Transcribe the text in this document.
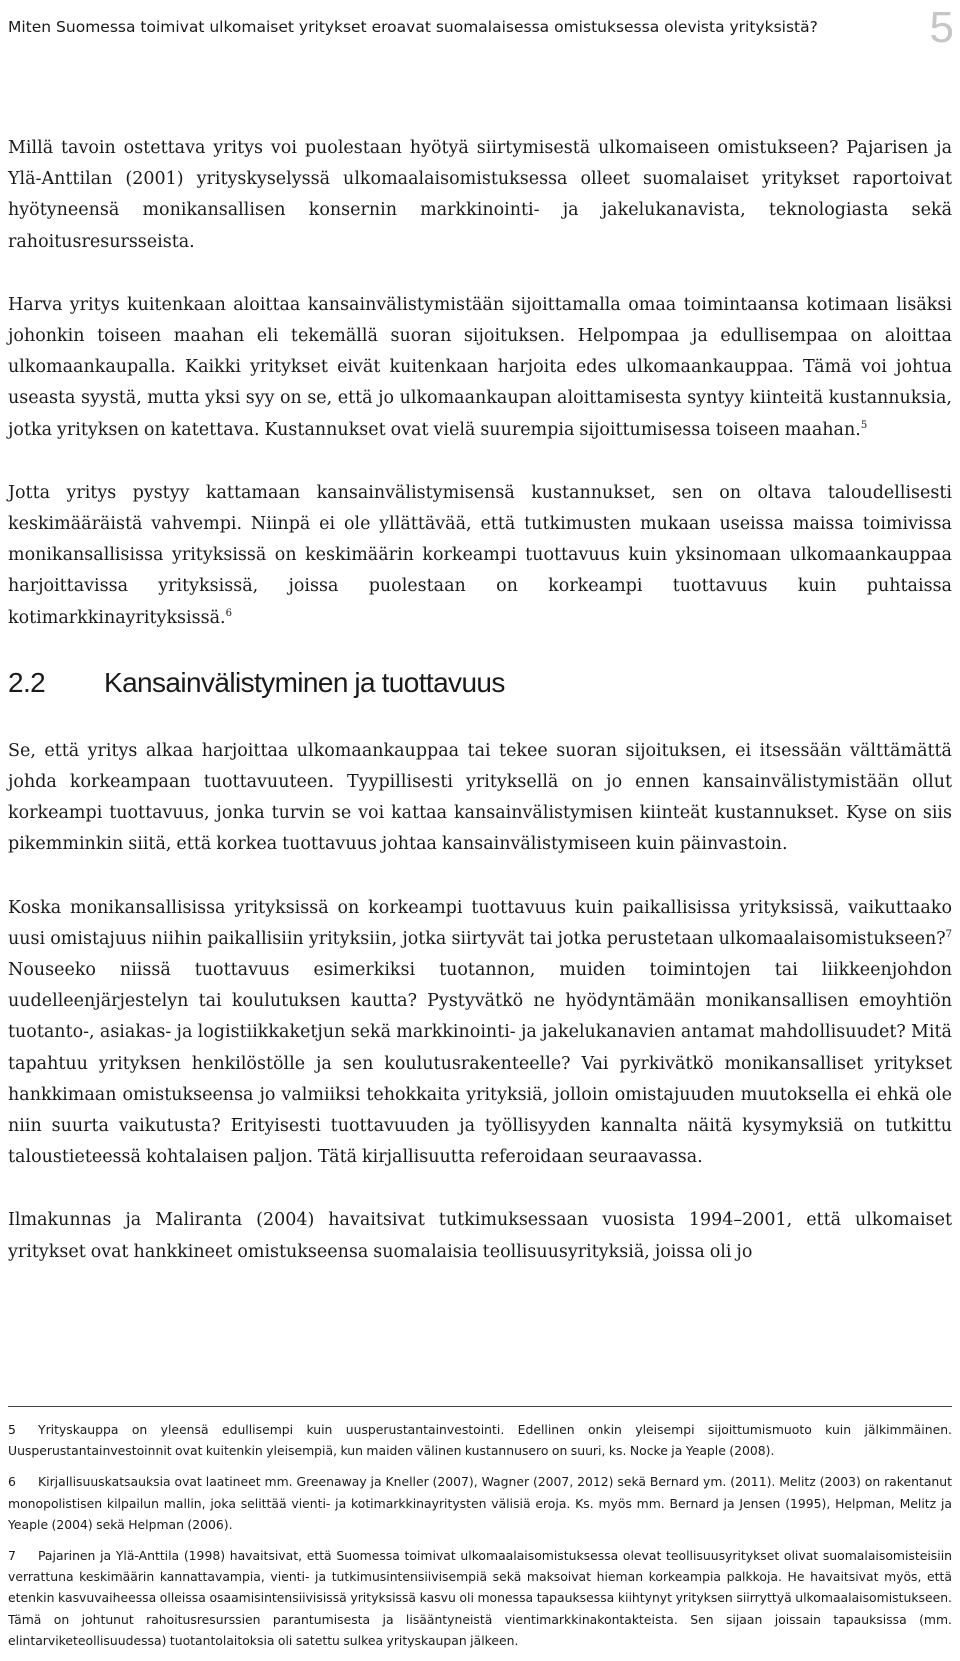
Miten Suomessa toimivat ulkomaiset yritykset eroavat suomalaisessa omistuksessa olevista yrityksistä?	5

Millä tavoin ostettava yritys voi puolestaan hyötyä siirtymisestä ulkomaiseen omistukseen? Pajarisen ja Ylä-Anttilan (2001) yrityskyselyssä ulkomaalaisomistuksessa olleet suomalaiset yritykset raportoivat hyötyneensä monikansallisen konsernin markkinointi- ja jakelukanavista, teknologiasta sekä rahoitusresursseista.

Harva yritys kuitenkaan aloittaa kansainvälistymistään sijoittamalla omaa toimintaansa kotimaan lisäksi johonkin toiseen maahan eli tekemällä suoran sijoituksen. Helpompaa ja edullisempaa on aloittaa ulkomaankaupalla. Kaikki yritykset eivät kuitenkaan harjoita edes ulkomaankauppaa. Tämä voi johtua useasta syystä, mutta yksi syy on se, että jo ulkomaankaupan aloittamisesta syntyy kiinteitä kustannuksia, jotka yrityksen on katettava. Kustannukset ovat vielä suurempia sijoittumisessa toiseen maahan.$^5$

Jotta yritys pystyy kattamaan kansainvälistymisensä kustannukset, sen on oltava taloudellisesti keskimääräistä vahvempi. Niinpä ei ole yllättävää, että tutkimusten mukaan useissa maissa toimivissa monikansallisissa yrityksissä on keskimäärin korkeampi tuottavuus kuin yksinomaan ulkomaankauppaa harjoittavissa yrityksissä, joissa puolestaan on korkeampi tuottavuus kuin puhtaissa kotimarkkinayrityksissä.$^6$

2.2 Kansainvälistyminen ja tuottavuus

Se, että yritys alkaa harjoittaa ulkomaankauppaa tai tekee suoran sijoituksen, ei itsessään välttämättä johda korkeampaan tuottavuuteen. Tyypillisesti yrityksellä on jo ennen kansainvälistymistään ollut korkeampi tuottavuus, jonka turvin se voi kattaa kansainvälistymisen kiinteät kustannukset. Kyse on siis pikemminkin siitä, että korkea tuottavuus johtaa kansainvälistymiseen kuin päinvastoin.

Koska monikansallisissa yrityksissä on korkeampi tuottavuus kuin paikallisissa yrityksissä, vaikuttaako uusi omistajuus niihin paikallisiin yrityksiin, jotka siirtyvät tai jotka perustetaan ulkomaalaisomistukseen?$^7$ Nouseeko niissä tuottavuus esimerkiksi tuotannon, muiden toimintojen tai liikkeenjohdon uudelleenjärjestelyn tai koulutuksen kautta? Pystyvätkö ne hyödyntämään monikansallisen emoyhtiön tuotanto-, asiakas- ja logistiikkaketjun sekä markkinointi- ja jakelukanavien antamat mahdollisuudet? Mitä tapahtuu yrityksen henkilöstölle ja sen koulutusrakenteelle? Vai pyrkivätkö monikansalliset yritykset hankkimaan omistukseensa jo valmiiksi tehokkaita yrityksiä, jolloin omistajuuden muutoksella ei ehkä ole niin suurta vaikutusta? Erityisesti tuottavuuden ja työllisyyden kannalta näitä kysymyksiä on tutkittu taloustieteessä kohtalaisen paljon. Tätä kirjallisuutta referoidaan seuraavassa.

Ilmakunnas ja Maliranta (2004) havaitsivat tutkimuksessaan vuosista 1994–2001, että ulkomaiset yritykset ovat hankkineet omistukseensa suomalaisia teollisuusyrityksiä, joissa oli jo

5 Yrityskauppa on yleensä edullisempi kuin uusperustantainvestointi. Edellinen onkin yleisempi sijoittumismuoto kuin jälkimmäinen. Uusperustantainvestoinnit ovat kuitenkin yleisempiä, kun maiden välinen kustannusero on suuri, ks. Nocke ja Yeaple (2008).
6 Kirjallisuuskatsauksia ovat laatineet mm. Greenaway ja Kneller (2007), Wagner (2007, 2012) sekä Bernard ym. (2011). Melitz (2003) on rakentanut monopolistisen kilpailun mallin, joka selittää vienti- ja kotimarkkinayritysten välisiä eroja. Ks. myös mm. Bernard ja Jensen (1995), Helpman, Melitz ja Yeaple (2004) sekä Helpman (2006).
7 Pajarinen ja Ylä-Anttila (1998) havaitsivat, että Suomessa toimivat ulkomaalaisomistuksessa olevat teollisuusyritykset olivat suomalaisomisteisiin verrattuna keskimäärin kannattavampia, vienti- ja tutkimusintensiivisempiä sekä maksoivat hieman korkeampia palkkoja. He havaitsivat myös, että etenkin kasvuvaiheessa olleissa osaamisintensiivisissä yrityksissä kasvu oli monessa tapauksessa kiihtynyt yrityksen siirryttyä ulkomaalaisomistukseen. Tämä on johtunut rahoitusresurssien parantumisesta ja lisääntyneistä vientimarkkinakontakteista. Sen sijaan joissain tapauksissa (mm. elintarviketeollisuudessa) tuotantolaitoksia oli satettu sulkea yrityskaupan jälkeen.
